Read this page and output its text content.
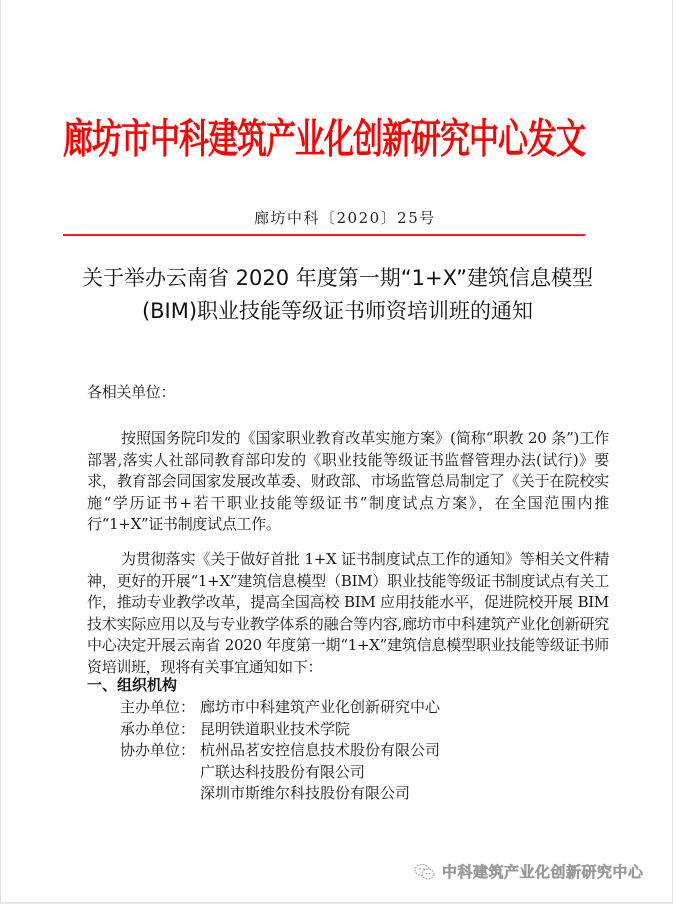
廊坊市中科建筑产业化创新研究中心发文
廊坊中科〔2020〕25号
关于举办云南省 2020 年度第一期“1+X”建筑信息模型 (BIM)职业技能等级证书师资培训班的通知
各相关单位：
按照国务院印发的《国家职业教育改革实施方案》(简称“职教 20 条”)工作部署,落实人社部同教育部印发的《职业技能等级证书监督管理办法(试行)》要求，教育部会同国家发展改革委、财政部、市场监管总局制定了《关于在院校实施“学历证书+若干职业技能等级证书”制度试点方案》，在全国范围内推行“1+X”证书制度试点工作。
为贯彻落实《关于做好首批 1+X 证书制度试点工作的通知》等相关文件精神，更好的开展“1+X”建筑信息模型（BIM）职业技能等级证书制度试点有关工作，推动专业教学改革，提高全国高校 BIM 应用技能水平，促进院校开展 BIM 技术实际应用以及与专业教学体系的融合等内容,廊坊市中科建筑产业化创新研究中心决定开展云南省 2020 年度第一期“1+X”建筑信息模型职业技能等级证书师资培训班，现将有关事宜通知如下：
一、组织机构
主办单位： 廊坊市中科建筑产业化创新研究中心
承办单位： 昆明铁道职业技术学院
协办单位： 杭州品茗安控信息技术股份有限公司
广联达科技股份有限公司
深圳市斯维尔科技股份有限公司
中科建筑产业化创新研究中心
